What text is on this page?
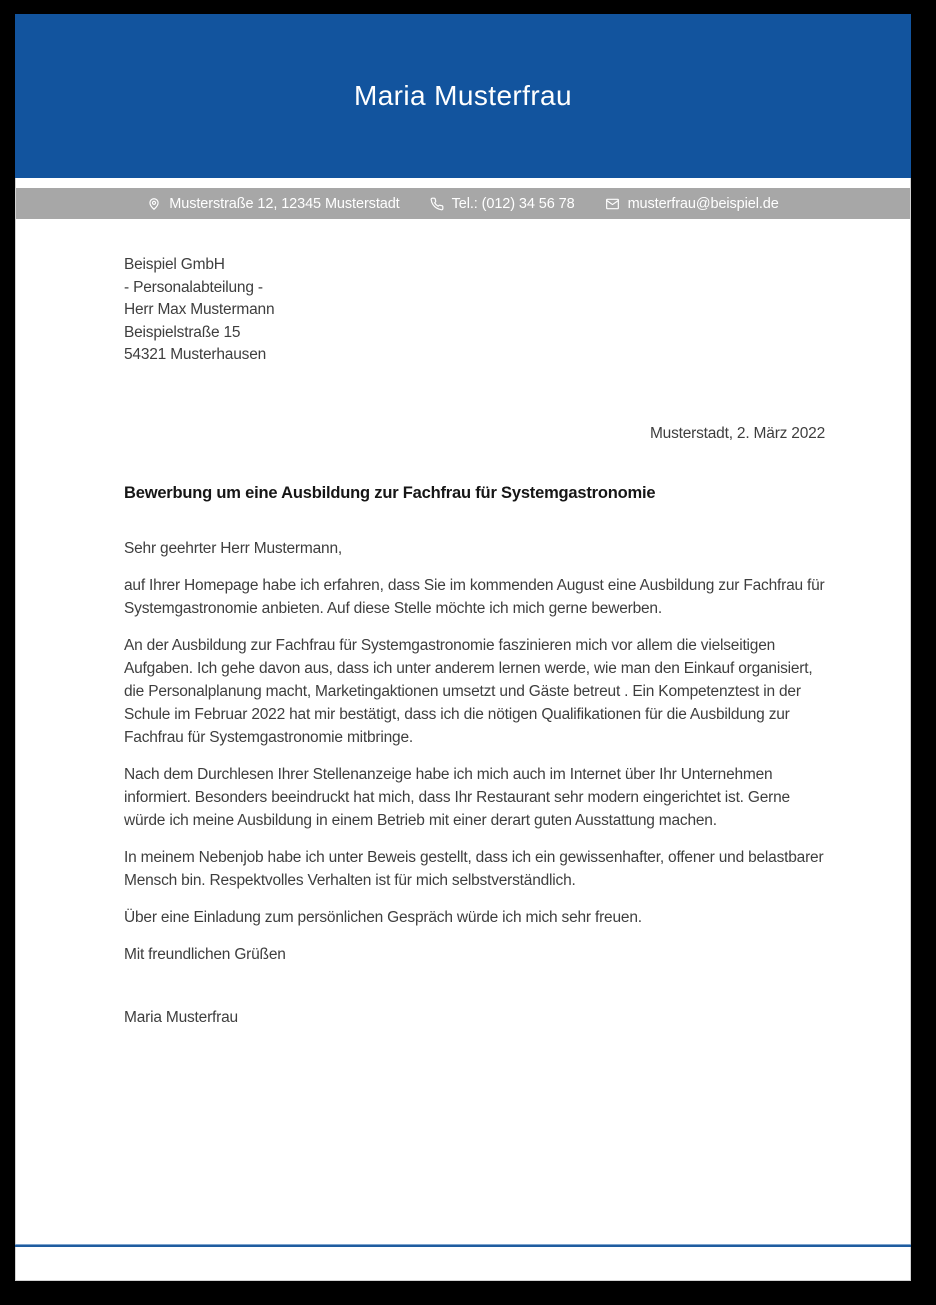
Maria Musterfrau
Musterstraße 12, 12345 Musterstadt	Tel.: (012) 34 56 78	musterfrau@beispiel.de
Beispiel GmbH
- Personalabteilung -
Herr Max Mustermann
Beispielstraße 15
54321 Musterhausen
Musterstadt, 2. März 2022
Bewerbung um eine Ausbildung zur Fachfrau für Systemgastronomie
Sehr geehrter Herr Mustermann,

auf Ihrer Homepage habe ich erfahren, dass Sie im kommenden August eine Ausbildung zur Fachfrau für Systemgastronomie anbieten. Auf diese Stelle möchte ich mich gerne bewerben.

An der Ausbildung zur Fachfrau für Systemgastronomie faszinieren mich vor allem die vielseitigen Aufgaben. Ich gehe davon aus, dass ich unter anderem lernen werde, wie man den Einkauf organisiert, die Personalplanung macht, Marketingaktionen umsetzt und Gäste betreut . Ein Kompetenztest in der Schule im Februar 2022 hat mir bestätigt, dass ich die nötigen Qualifikationen für die Ausbildung zur Fachfrau für Systemgastronomie mitbringe.

Nach dem Durchlesen Ihrer Stellenanzeige habe ich mich auch im Internet über Ihr Unternehmen informiert. Besonders beeindruckt hat mich, dass Ihr Restaurant sehr modern eingerichtet ist. Gerne würde ich meine Ausbildung in einem Betrieb mit einer derart guten Ausstattung machen.

In meinem Nebenjob habe ich unter Beweis gestellt, dass ich ein gewissenhafter, offener und belastbarer Mensch bin. Respektvolles Verhalten ist für mich selbstverständlich.

Über eine Einladung zum persönlichen Gespräch würde ich mich sehr freuen.

Mit freundlichen Grüßen
Maria Musterfrau
